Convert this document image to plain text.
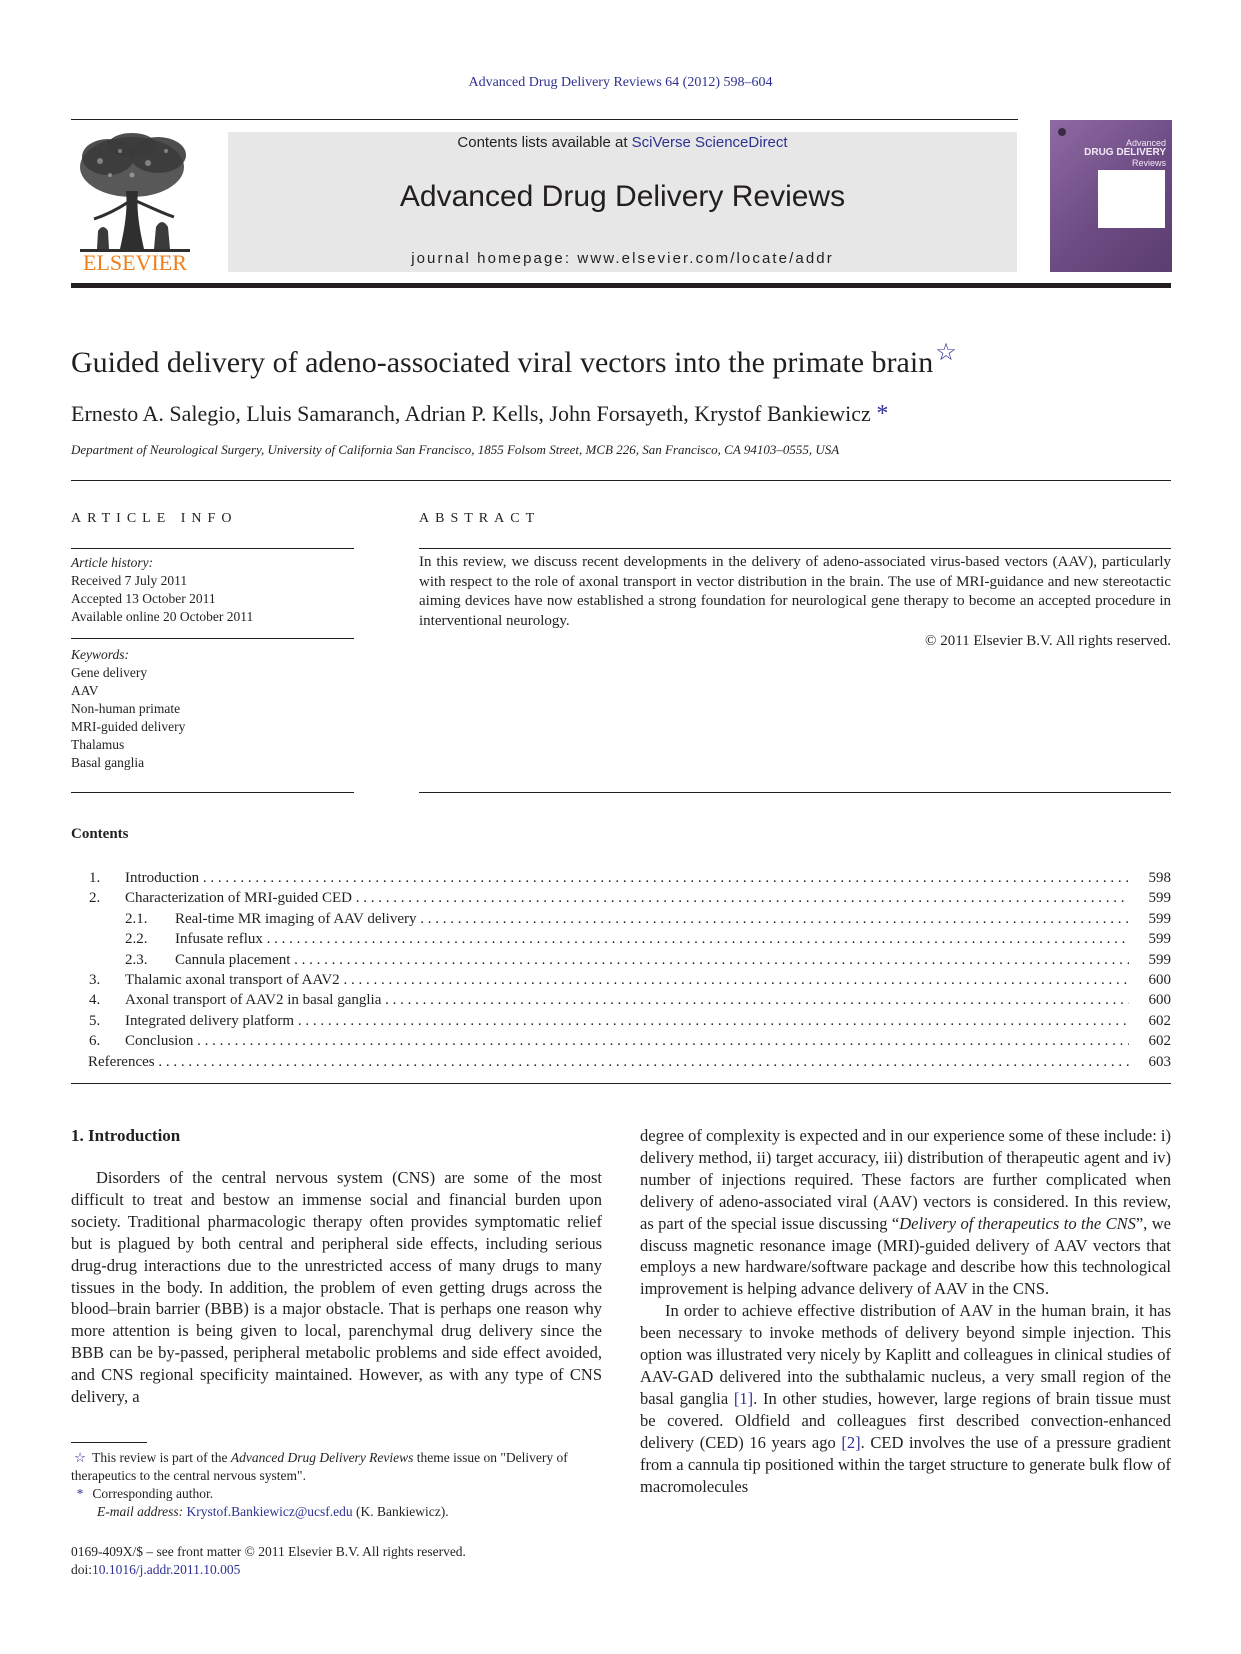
Advanced Drug Delivery Reviews 64 (2012) 598–604
ELSEVIER
Contents lists available at SciVerse ScienceDirect
Advanced Drug Delivery Reviews
journal homepage: www.elsevier.com/locate/addr
Advanced
DRUG DELIVERY
Reviews
Guided delivery of adeno-associated viral vectors into the primate brain☆
Ernesto A. Salegio, Lluis Samaranch, Adrian P. Kells, John Forsayeth, Krystof Bankiewicz *
Department of Neurological Surgery, University of California San Francisco, 1855 Folsom Street, MCB 226, San Francisco, CA 94103–0555, USA
ARTICLE INFO	ABSTRACT
Article history:
Received 7 July 2011
Accepted 13 October 2011
Available online 20 October 2011
Keywords:
Gene delivery
AAV
Non-human primate
MRI-guided delivery
Thalamus
Basal ganglia
In this review, we discuss recent developments in the delivery of adeno-associated virus-based vectors (AAV), particularly with respect to the role of axonal transport in vector distribution in the brain. The use of MRI-guidance and new stereotactic aiming devices have now established a strong foundation for neurological gene therapy to become an accepted procedure in interventional neurology.
© 2011 Elsevier B.V. All rights reserved.
Contents
1. Introduction . . .	598
2. Characterization of MRI-guided CED . . .	599
2.1. Real-time MR imaging of AAV delivery . . .	599
2.2. Infusate reflux . . .	599
2.3. Cannula placement . . .	599
3. Thalamic axonal transport of AAV2 . . .	600
4. Axonal transport of AAV2 in basal ganglia . . .	600
5. Integrated delivery platform . . .	602
6. Conclusion . . .	602
References . . .	603
1. Introduction

Disorders of the central nervous system (CNS) are some of the most difficult to treat and bestow an immense social and financial burden upon society. Traditional pharmacologic therapy often provides symptomatic relief but is plagued by both central and peripheral side effects, including serious drug-drug interactions due to the unrestricted access of many drugs to many tissues in the body. In addition, the problem of even getting drugs across the blood–brain barrier (BBB) is a major obstacle. That is perhaps one reason why more attention is being given to local, parenchymal drug delivery since the BBB can be by-passed, peripheral metabolic problems and side effect avoided, and CNS regional specificity maintained. However, as with any type of CNS delivery, a

degree of complexity is expected and in our experience some of these include: i) delivery method, ii) target accuracy, iii) distribution of therapeutic agent and iv) number of injections required. These factors are further complicated when delivery of adeno-associated viral (AAV) vectors is considered. In this review, as part of the special issue discussing “Delivery of therapeutics to the CNS”, we discuss magnetic resonance image (MRI)-guided delivery of AAV vectors that employs a new hardware/software package and describe how this technological improvement is helping advance delivery of AAV in the CNS.

In order to achieve effective distribution of AAV in the human brain, it has been necessary to invoke methods of delivery beyond simple injection. This option was illustrated very nicely by Kaplitt and colleagues in clinical studies of AAV-GAD delivered into the subthalamic nucleus, a very small region of the basal ganglia [1]. In other studies, however, large regions of brain tissue must be covered. Oldfield and colleagues first described convection-enhanced delivery (CED) 16 years ago [2]. CED involves the use of a pressure gradient from a cannula tip positioned within the target structure to generate bulk flow of macromolecules

☆ This review is part of the Advanced Drug Delivery Reviews theme issue on "Delivery of therapeutics to the central nervous system".
* Corresponding author.
E-mail address: Krystof.Bankiewicz@ucsf.edu (K. Bankiewicz).
0169-409X/$ – see front matter © 2011 Elsevier B.V. All rights reserved.
doi:10.1016/j.addr.2011.10.005
